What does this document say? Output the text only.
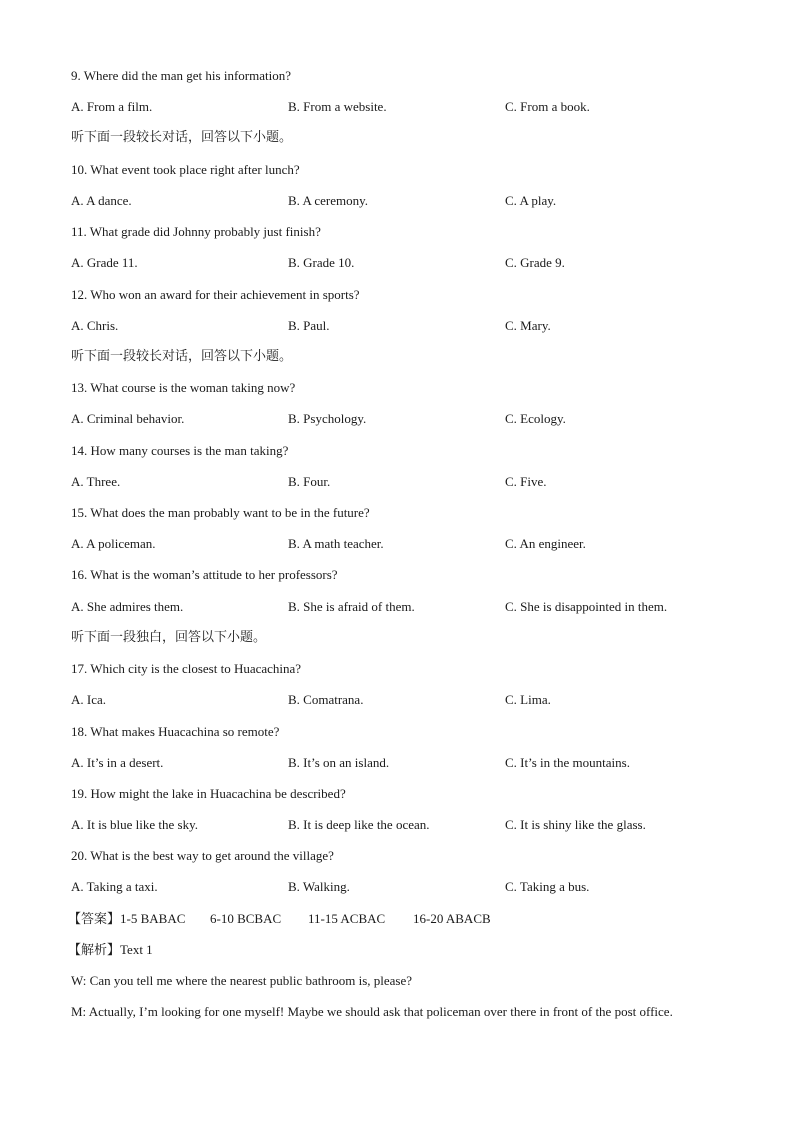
9. Where did the man get his information?
A. From a film.	B. From a website.	C. From a book.
听下面一段较长对话，回答以下小题。
10. What event took place right after lunch?
A. A dance.	B. A ceremony.	C. A play.
11. What grade did Johnny probably just finish?
A. Grade 11.	B. Grade 10.	C. Grade 9.
12. Who won an award for their achievement in sports?
A. Chris.	B. Paul.	C. Mary.
听下面一段较长对话，回答以下小题。
13. What course is the woman taking now?
A. Criminal behavior.	B. Psychology.	C. Ecology.
14. How many courses is the man taking?
A. Three.	B. Four.	C. Five.
15. What does the man probably want to be in the future?
A. A policeman.	B. A math teacher.	C. An engineer.
16. What is the woman’s attitude to her professors?
A. She admires them.	B. She is afraid of them.	C. She is disappointed in them.
听下面一段独白，回答以下小题。
17. Which city is the closest to Huacachina?
A. Ica.	B. Comatrana.	C. Lima.
18. What makes Huacachina so remote?
A. It’s in a desert.	B. It’s on an island.	C. It’s in the mountains.
19. How might the lake in Huacachina be described?
A. It is blue like the sky.	B. It is deep like the ocean.	C. It is shiny like the glass.
20. What is the best way to get around the village?
A. Taking a taxi.	B. Walking.	C. Taking a bus.
【答案】1-5 BABAC 6-10 BCBAC 11-15 ACBAC 16-20 ABACB
【解析】Text 1
W: Can you tell me where the nearest public bathroom is, please?
M: Actually, I’m looking for one myself! Maybe we should ask that policeman over there in front of the post office.
